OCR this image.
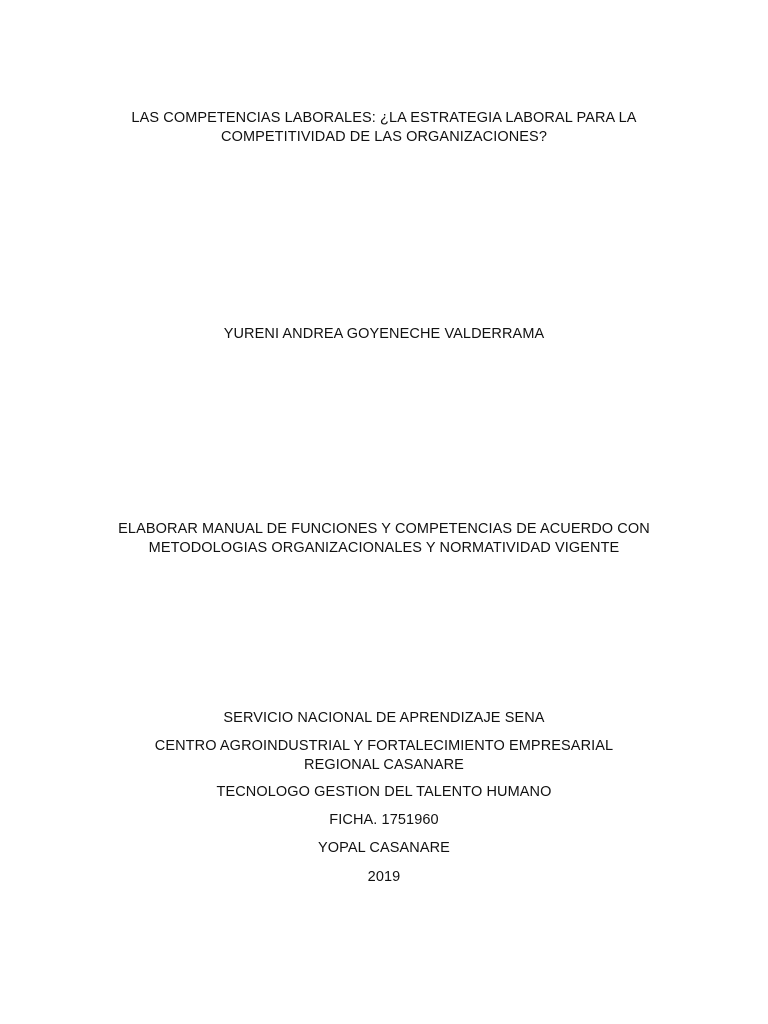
LAS COMPETENCIAS LABORALES: ¿LA ESTRATEGIA LABORAL PARA LA
COMPETITIVIDAD DE LAS ORGANIZACIONES?
YURENI ANDREA GOYENECHE VALDERRAMA
ELABORAR MANUAL DE FUNCIONES Y COMPETENCIAS DE ACUERDO CON
METODOLOGIAS ORGANIZACIONALES Y NORMATIVIDAD VIGENTE
SERVICIO NACIONAL DE APRENDIZAJE SENA
CENTRO AGROINDUSTRIAL Y FORTALECIMIENTO EMPRESARIAL
REGIONAL CASANARE
TECNOLOGO GESTION DEL TALENTO HUMANO
FICHA. 1751960
YOPAL CASANARE
2019
